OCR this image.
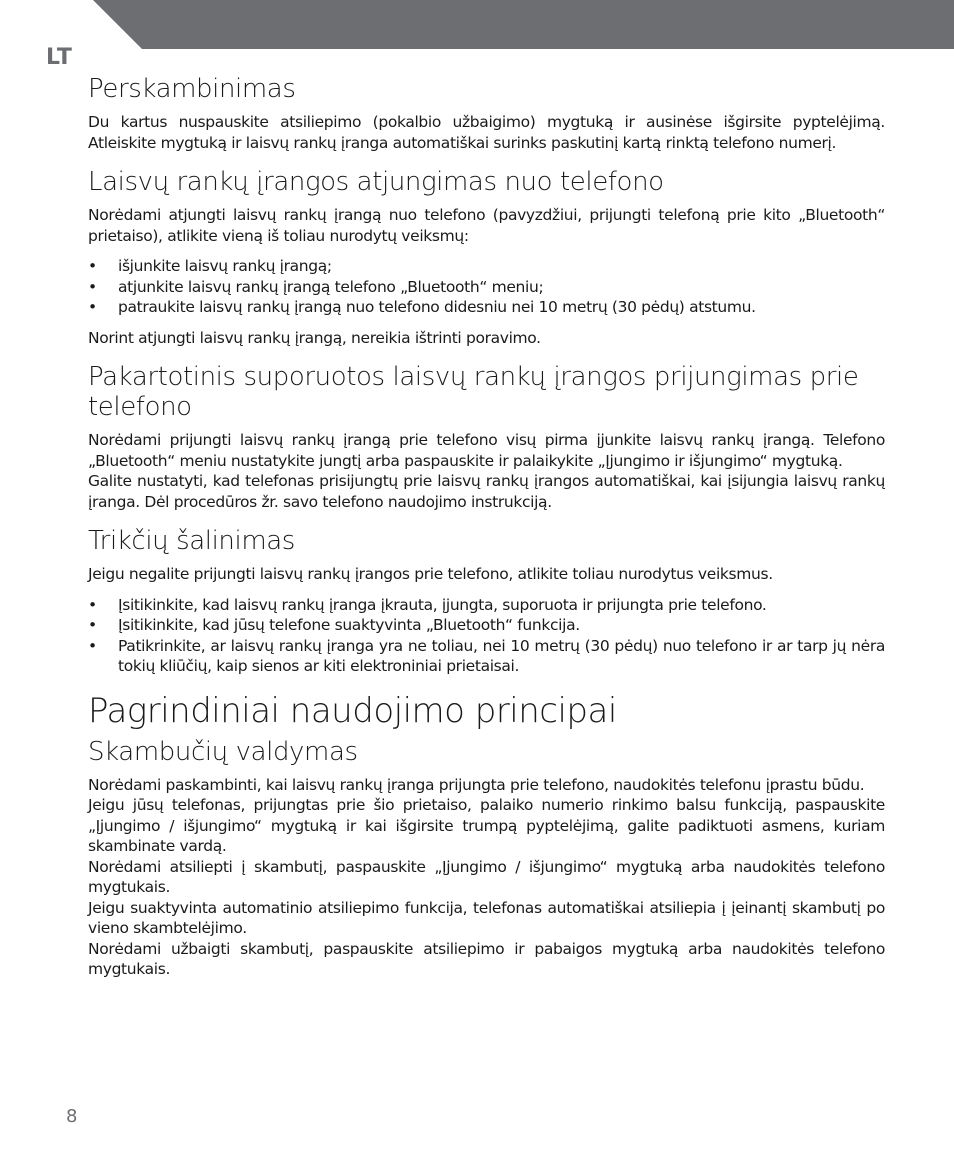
LT
Perskambinimas

Du kartus nuspauskite atsiliepimo (pokalbio užbaigimo) mygtuką ir ausinėse išgirsite pyptelėjimą. Atleiskite mygtuką ir laisvų rankų įranga automatiškai surinks paskutinį kartą rinktą telefono numerį.

Laisvų rankų įrangos atjungimas nuo telefono

Norėdami atjungti laisvų rankų įrangą nuo telefono (pavyzdžiui, prijungti telefoną prie kito „Bluetooth“ prietaiso), atlikite vieną iš toliau nurodytų veiksmų:

• išjunkite laisvų rankų įrangą;
• atjunkite laisvų rankų įrangą telefono „Bluetooth“ meniu;
• patraukite laisvų rankų įrangą nuo telefono didesniu nei 10 metrų (30 pėdų) atstumu.

Norint atjungti laisvų rankų įrangą, nereikia ištrinti poravimo.

Pakartotinis suporuotos laisvų rankų įrangos prijungimas prie telefono

Norėdami prijungti laisvų rankų įrangą prie telefono visų pirma įjunkite laisvų rankų įrangą. Telefono „Bluetooth“ meniu nustatykite jungtį arba paspauskite ir palaikykite „Įjungimo ir išjungimo“ mygtuką.

Galite nustatyti, kad telefonas prisijungtų prie laisvų rankų įrangos automatiškai, kai įsijungia laisvų rankų įranga. Dėl procedūros žr. savo telefono naudojimo instrukciją.

Trikčių šalinimas

Jeigu negalite prijungti laisvų rankų įrangos prie telefono, atlikite toliau nurodytus veiksmus.

• Įsitikinkite, kad laisvų rankų įranga įkrauta, įjungta, suporuota ir prijungta prie telefono.
• Įsitikinkite, kad jūsų telefone suaktyvinta „Bluetooth“ funkcija.
• Patikrinkite, ar laisvų rankų įranga yra ne toliau, nei 10 metrų (30 pėdų) nuo telefono ir ar tarp jų nėra tokių kliūčių, kaip sienos ar kiti elektroniniai prietaisai.
Pagrindiniai naudojimo principai
Skambučių valdymas

Norėdami paskambinti, kai laisvų rankų įranga prijungta prie telefono, naudokitės telefonu įprastu būdu.

Jeigu jūsų telefonas, prijungtas prie šio prietaiso, palaiko numerio rinkimo balsu funkciją, paspauskite „Įjungimo / išjungimo“ mygtuką ir kai išgirsite trumpą pyptelėjimą, galite padiktuoti asmens, kuriam skambinate vardą.

Norėdami atsiliepti į skambutį, paspauskite „Įjungimo / išjungimo“ mygtuką arba naudokitės telefono mygtukais.

Jeigu suaktyvinta automatinio atsiliepimo funkcija, telefonas automatiškai atsiliepia į įeinantį skambutį po vieno skambtelėjimo.

Norėdami užbaigti skambutį, paspauskite atsiliepimo ir pabaigos mygtuką arba naudokitės telefono mygtukais.

8
